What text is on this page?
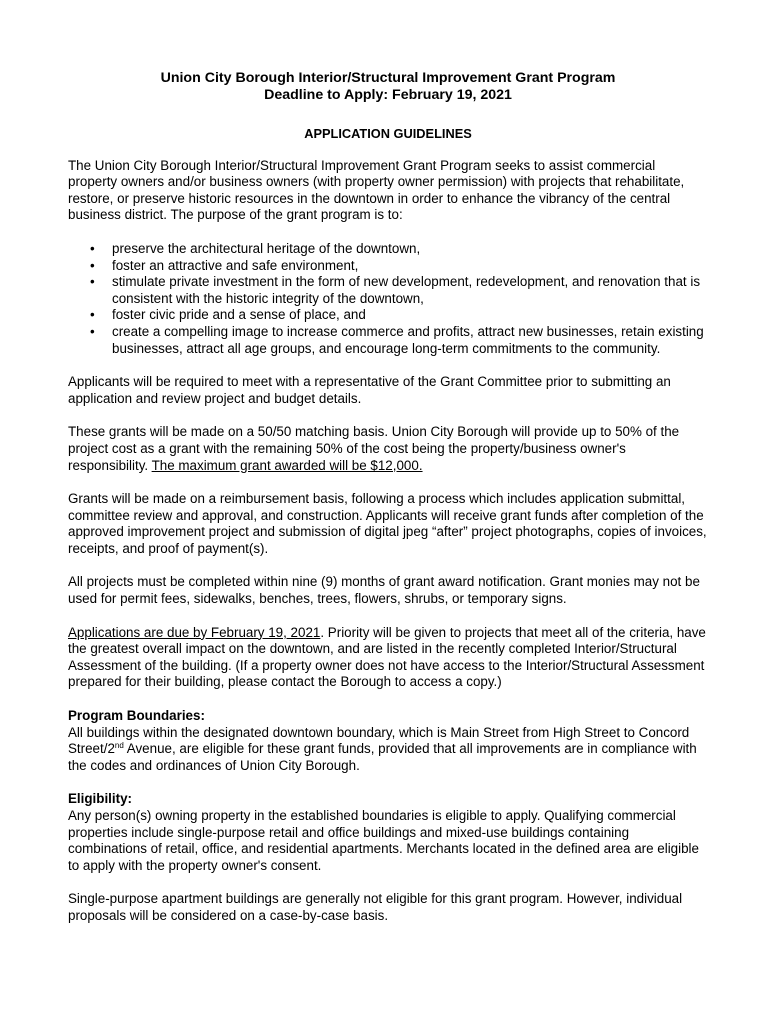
Union City Borough Interior/Structural Improvement Grant Program
Deadline to Apply: February 19, 2021
APPLICATION GUIDELINES

The Union City Borough Interior/Structural Improvement Grant Program seeks to assist commercial property owners and/or business owners (with property owner permission) with projects that rehabilitate, restore, or preserve historic resources in the downtown in order to enhance the vibrancy of the central business district. The purpose of the grant program is to:

• preserve the architectural heritage of the downtown,
• foster an attractive and safe environment,
• stimulate private investment in the form of new development, redevelopment, and renovation that is consistent with the historic integrity of the downtown,
• foster civic pride and a sense of place, and
• create a compelling image to increase commerce and profits, attract new businesses, retain existing businesses, attract all age groups, and encourage long-term commitments to the community.

Applicants will be required to meet with a representative of the Grant Committee prior to submitting an application and review project and budget details.

These grants will be made on a 50/50 matching basis. Union City Borough will provide up to 50% of the project cost as a grant with the remaining 50% of the cost being the property/business owner's responsibility. The maximum grant awarded will be $12,000.

Grants will be made on a reimbursement basis, following a process which includes application submittal, committee review and approval, and construction. Applicants will receive grant funds after completion of the approved improvement project and submission of digital jpeg “after” project photographs, copies of invoices, receipts, and proof of payment(s).

All projects must be completed within nine (9) months of grant award notification. Grant monies may not be used for permit fees, sidewalks, benches, trees, flowers, shrubs, or temporary signs.

Applications are due by February 19, 2021. Priority will be given to projects that meet all of the criteria, have the greatest overall impact on the downtown, and are listed in the recently completed Interior/Structural Assessment of the building. (If a property owner does not have access to the Interior/Structural Assessment prepared for their building, please contact the Borough to access a copy.)

Program Boundaries:

All buildings within the designated downtown boundary, which is Main Street from High Street to Concord Street/2nd Avenue, are eligible for these grant funds, provided that all improvements are in compliance with the codes and ordinances of Union City Borough.

Eligibility:

Any person(s) owning property in the established boundaries is eligible to apply. Qualifying commercial properties include single-purpose retail and office buildings and mixed-use buildings containing combinations of retail, office, and residential apartments. Merchants located in the defined area are eligible to apply with the property owner's consent.

Single-purpose apartment buildings are generally not eligible for this grant program. However, individual proposals will be considered on a case-by-case basis.
